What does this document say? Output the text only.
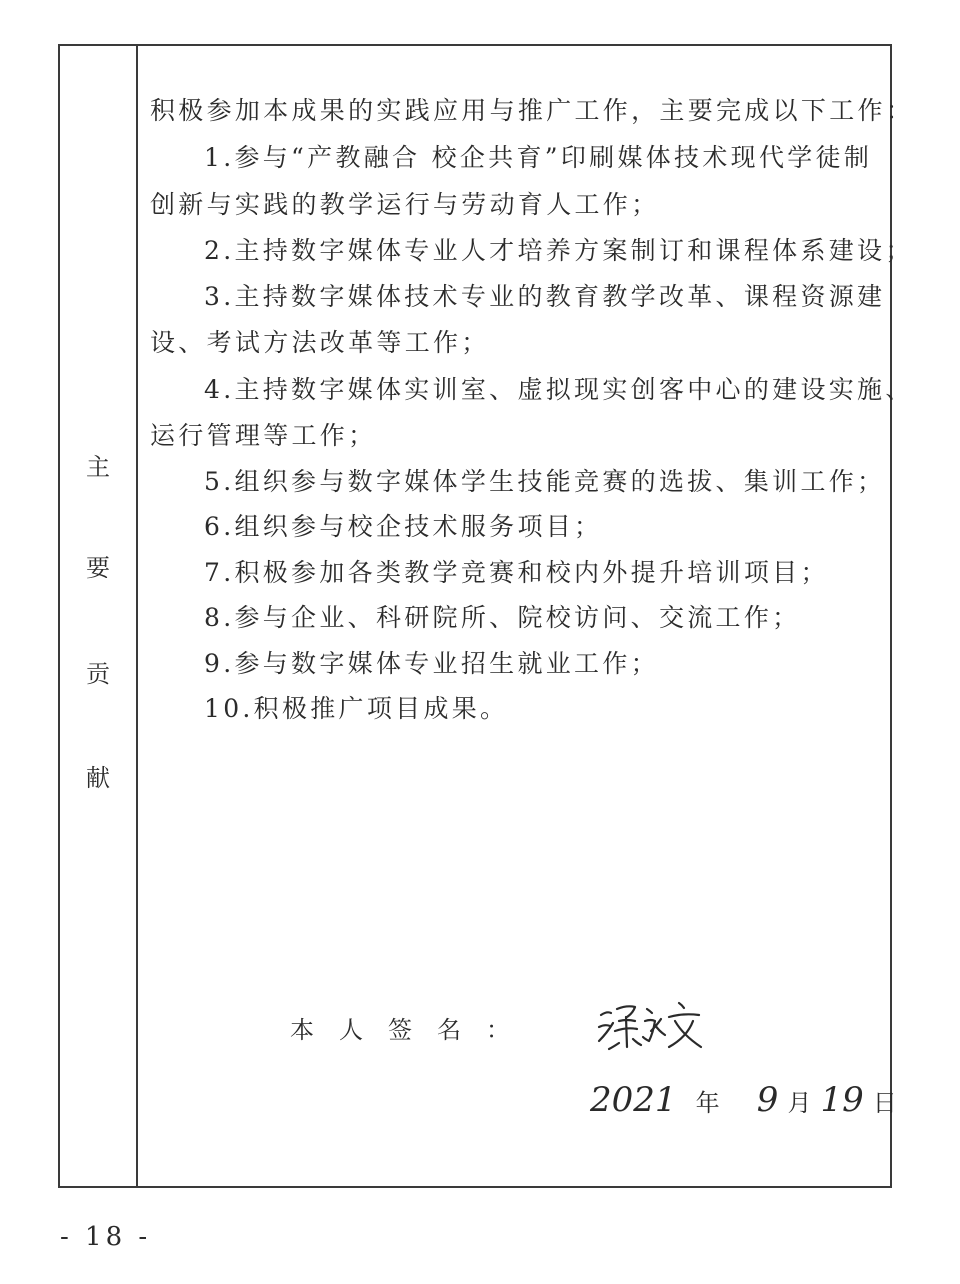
主
要
贡
献
积极参加本成果的实践应用与推广工作，主要完成以下工作：
1.参与“产教融合 校企共育”印刷媒体技术现代学徒制
创新与实践的教学运行与劳动育人工作；
2.主持数字媒体专业人才培养方案制订和课程体系建设；
3.主持数字媒体技术专业的教育教学改革、课程资源建
设、考试方法改革等工作；
4.主持数字媒体实训室、虚拟现实创客中心的建设实施、
运行管理等工作；
5.组织参与数字媒体学生技能竞赛的选拔、集训工作；
6.组织参与校企技术服务项目；
7.积极参加各类教学竞赛和校内外提升培训项目；
8.参与企业、科研院所、院校访问、交流工作；
9.参与数字媒体专业招生就业工作；
10.积极推广项目成果。
本人签名：
2021 年 9 月 19 日
- 18 -
